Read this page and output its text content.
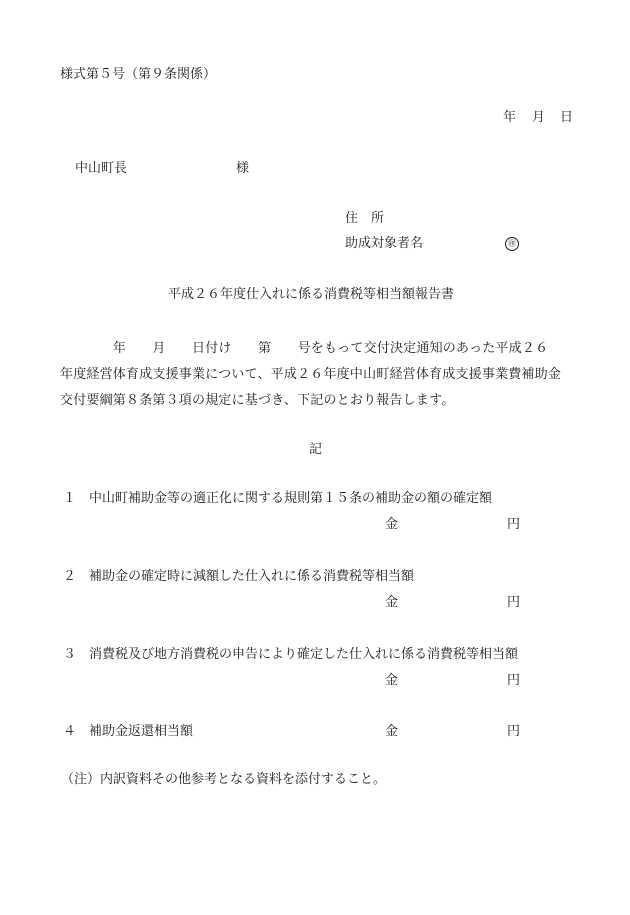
様式第５号（第９条関係）
年 月 日
中山町長	様
住　所
助成対象者名	㊞
平成２６年度仕入れに係る消費税等相当額報告書
　　　　年　　月　　日付け　　第　　号をもって交付決定通知のあった平成２６
年度経営体育成支援事業について、平成２６年度中山町経営体育成支援事業費補助金
交付要綱第８条第３項の規定に基づき、下記のとおり報告します。
記
１ 中山町補助金等の適正化に関する規則第１５条の補助金の額の確定額
金	円
２ 補助金の確定時に減額した仕入れに係る消費税等相当額
金	円
３ 消費税及び地方消費税の申告により確定した仕入れに係る消費税等相当額
金	円
４ 補助金返還相当額	金	円
（注）内訳資料その他参考となる資料を添付すること。
